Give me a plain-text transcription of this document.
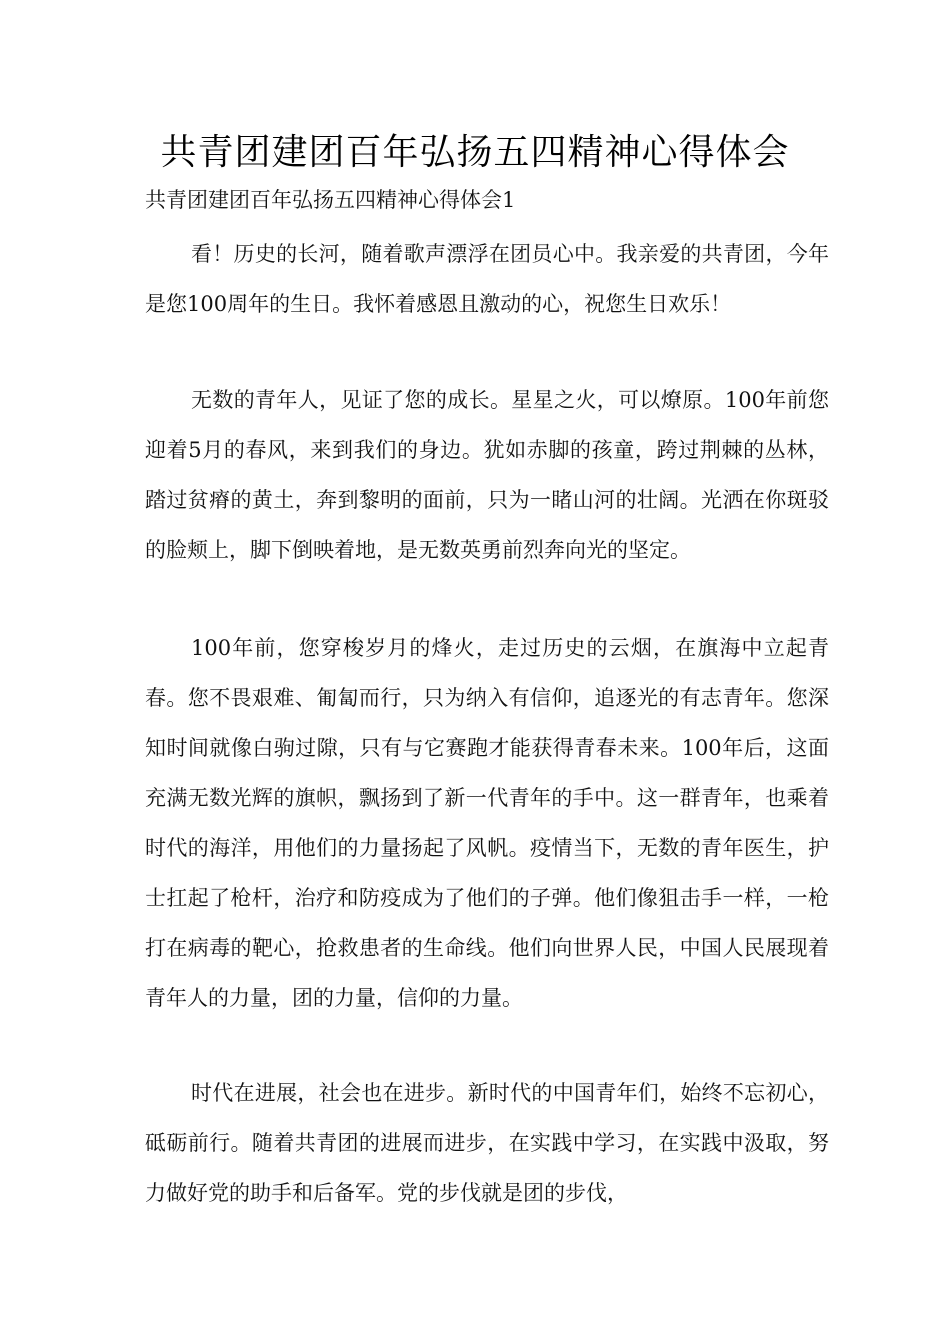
共青团建团百年弘扬五四精神心得体会

共青团建团百年弘扬五四精神心得体会1

看！历史的长河，随着歌声漂浮在团员心中。我亲爱的共青团，今年是您100周年的生日。我怀着感恩且激动的心，祝您生日欢乐！

无数的青年人，见证了您的成长。星星之火，可以燎原。100年前您迎着5月的春风，来到我们的身边。犹如赤脚的孩童，跨过荆棘的丛林，踏过贫瘠的黄土，奔到黎明的面前，只为一睹山河的壮阔。光洒在你斑驳的脸颊上，脚下倒映着地，是无数英勇前烈奔向光的坚定。

100年前，您穿梭岁月的烽火，走过历史的云烟，在旗海中立起青春。您不畏艰难、匍匐而行，只为纳入有信仰，追逐光的有志青年。您深知时间就像白驹过隙，只有与它赛跑才能获得青春未来。100年后，这面充满无数光辉的旗帜，飘扬到了新一代青年的手中。这一群青年，也乘着时代的海洋，用他们的力量扬起了风帆。疫情当下，无数的青年医生，护士扛起了枪杆，治疗和防疫成为了他们的子弹。他们像狙击手一样，一枪打在病毒的靶心，抢救患者的生命线。他们向世界人民，中国人民展现着青年人的力量，团的力量，信仰的力量。

时代在进展，社会也在进步。新时代的中国青年们，始终不忘初心，砥砺前行。随着共青团的进展而进步，在实践中学习，在实践中汲取，努力做好党的助手和后备军。党的步伐就是团的步伐，
